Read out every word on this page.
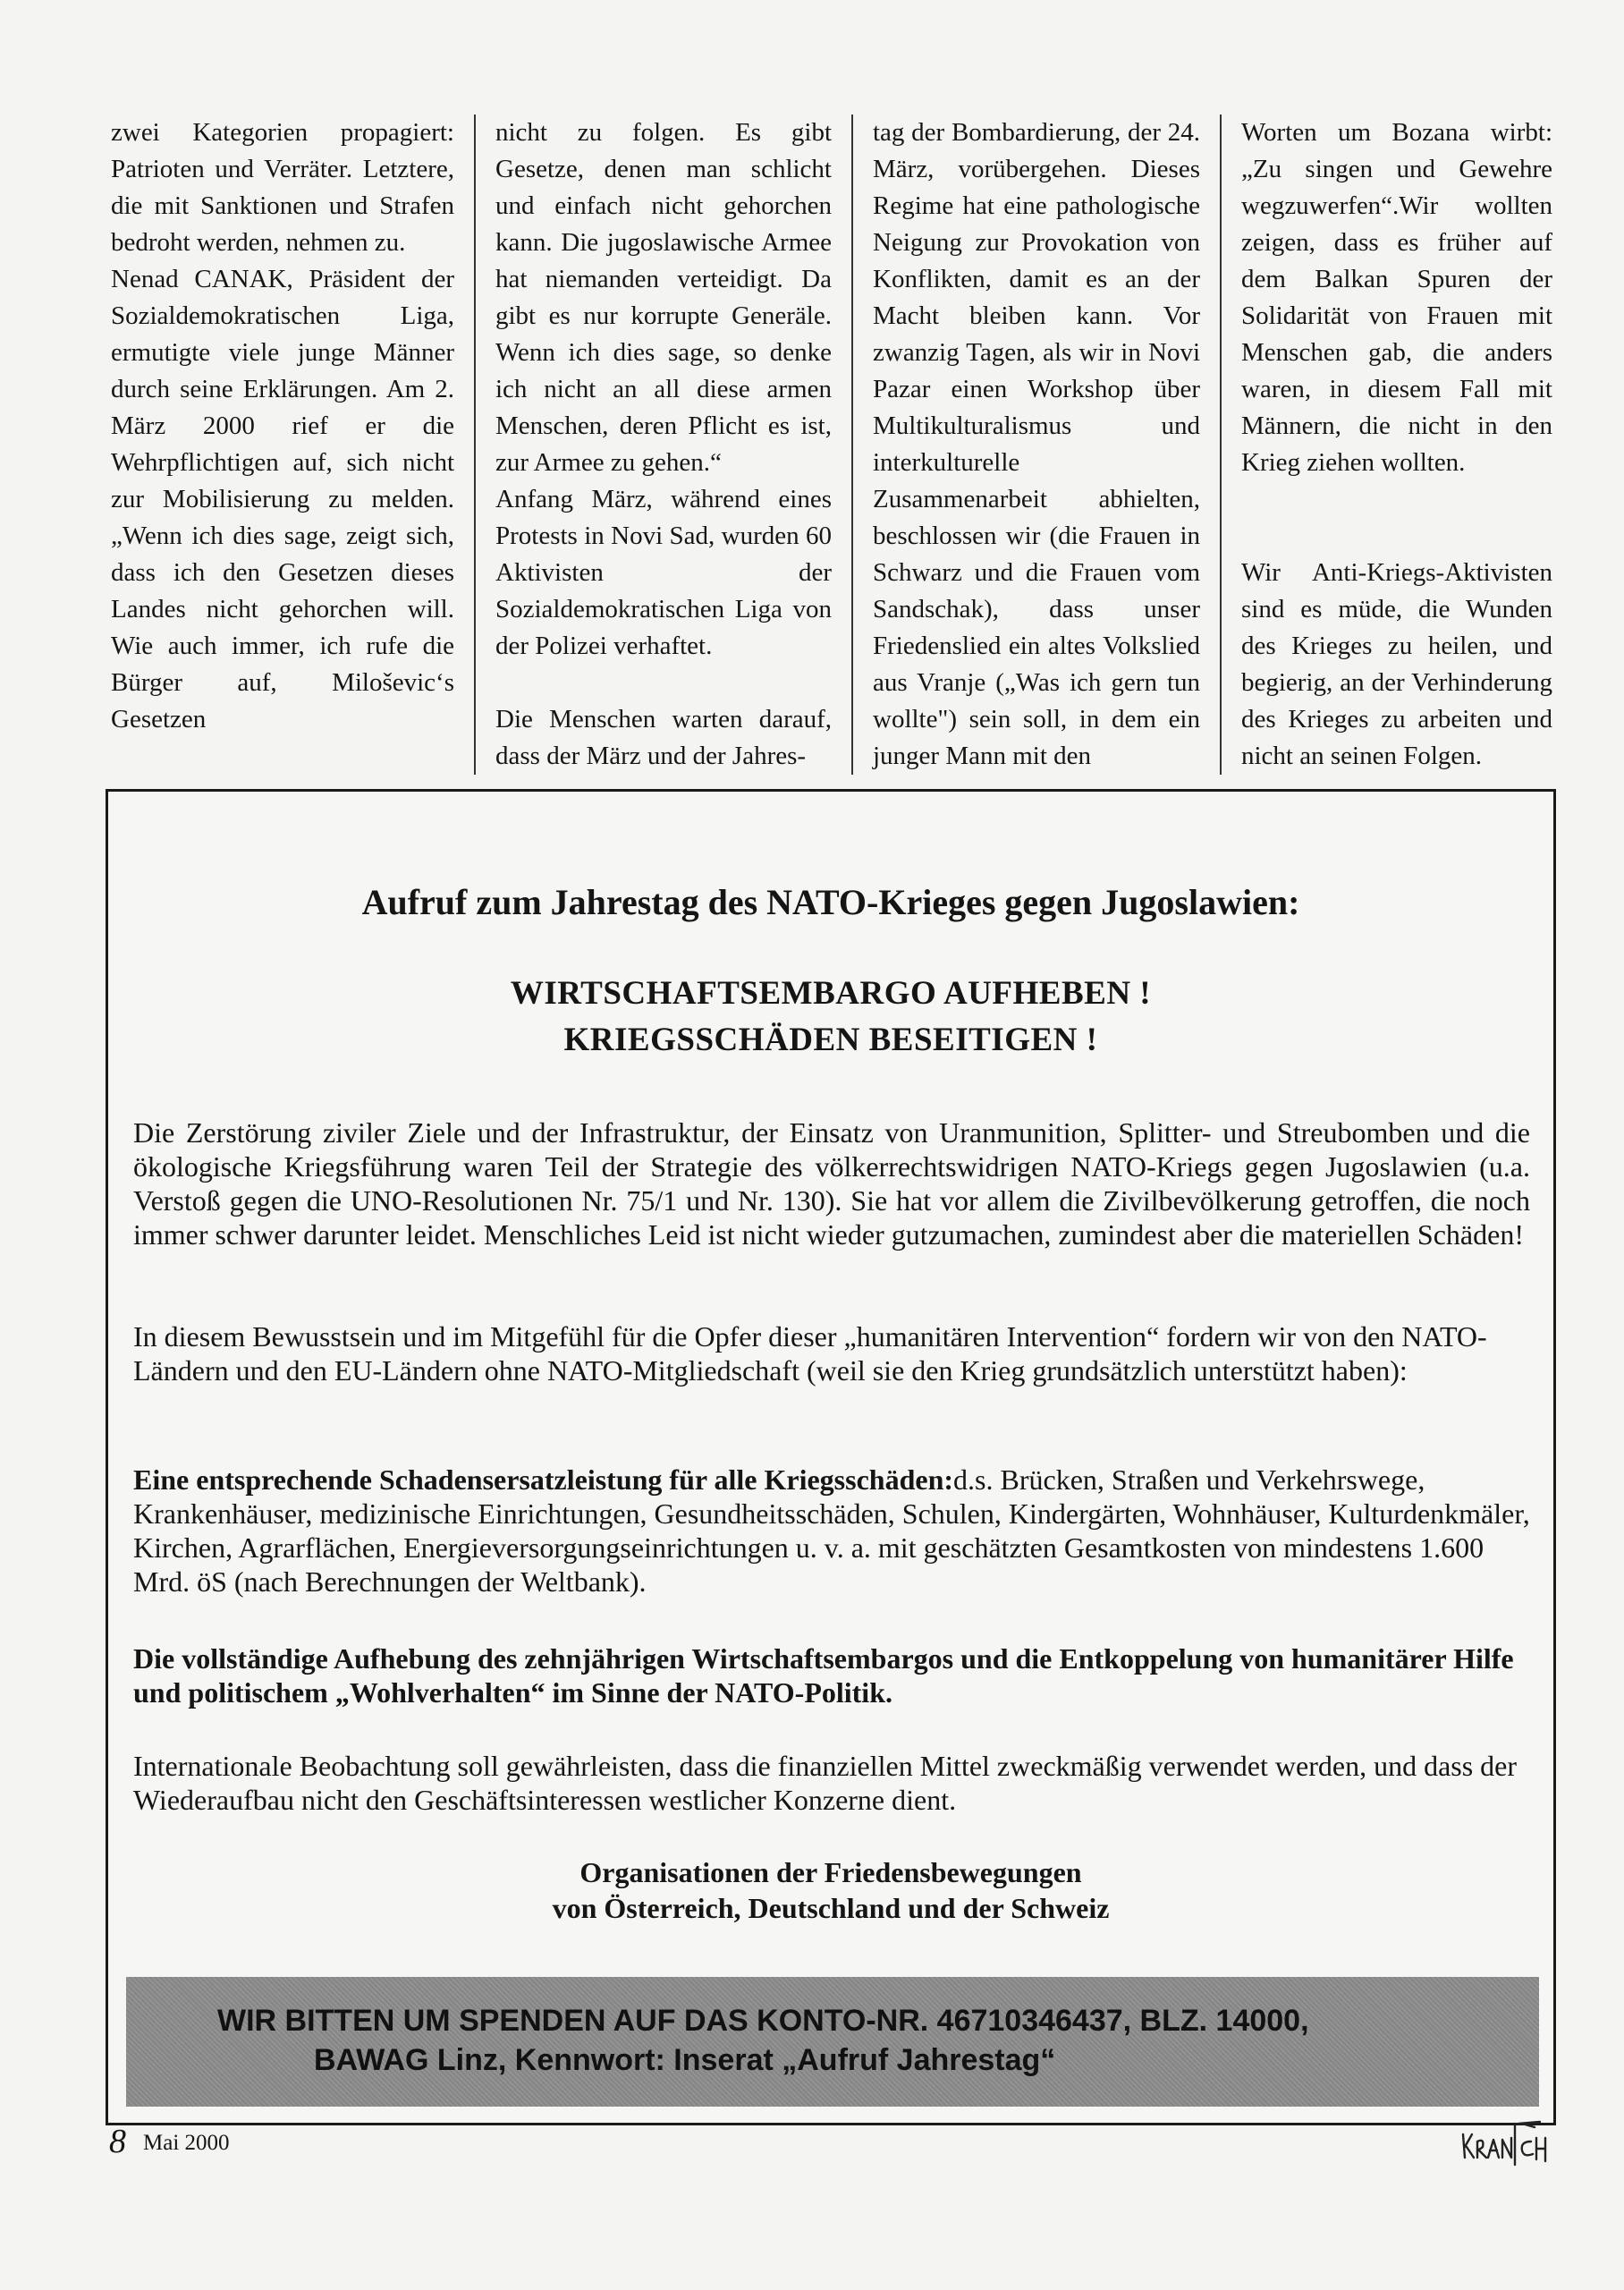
zwei Kategorien propagiert: Patrioten und Verräter. Letztere, die mit Sanktionen und Strafen bedroht werden, nehmen zu.

Nenad CANAK, Präsident der Sozialdemokratischen Liga, ermutigte viele junge Männer durch seine Erklärungen. Am 2. März 2000 rief er die Wehrpflichtigen auf, sich nicht zur Mobilisierung zu melden. „Wenn ich dies sage, zeigt sich, dass ich den Gesetzen dieses Landes nicht gehorchen will. Wie auch immer, ich rufe die Bürger auf, Miloševic‘s Gesetzen

nicht zu folgen. Es gibt Gesetze, denen man schlicht und einfach nicht gehorchen kann. Die jugoslawische Armee hat niemanden verteidigt. Da gibt es nur korrupte Generäle. Wenn ich dies sage, so denke ich nicht an all diese armen Menschen, deren Pflicht es ist, zur Armee zu gehen.“

Anfang März, während eines Protests in Novi Sad, wurden 60 Aktivisten der Sozialdemokratischen Liga von der Polizei verhaftet.

Die Menschen warten darauf, dass der März und der Jahres-

tag der Bombardierung, der 24. März, vorübergehen. Dieses Regime hat eine pathologische Neigung zur Provokation von Konflikten, damit es an der Macht bleiben kann. Vor zwanzig Tagen, als wir in Novi Pazar einen Workshop über Multikulturalismus und interkulturelle Zusammenarbeit abhielten, beschlossen wir (die Frauen in Schwarz und die Frauen vom Sandschak), dass unser Friedenslied ein altes Volkslied aus Vranje („Was ich gern tun wollte") sein soll, in dem ein junger Mann mit den

Worten um Bozana wirbt: „Zu singen und Gewehre wegzuwerfen“.Wir wollten zeigen, dass es früher auf dem Balkan Spuren der Solidarität von Frauen mit Menschen gab, die anders waren, in diesem Fall mit Männern, die nicht in den Krieg ziehen wollten.

Wir Anti-Kriegs-Aktivisten sind es müde, die Wunden des Krieges zu heilen, und begierig, an der Verhinderung des Krieges zu arbeiten und nicht an seinen Folgen.

Aufruf zum Jahrestag des NATO-Krieges gegen Jugoslawien:
WIRTSCHAFTSEMBARGO AUFHEBEN !
KRIEGSSCHÄDEN BESEITIGEN !

Die Zerstörung ziviler Ziele und der Infrastruktur, der Einsatz von Uranmunition, Splitter- und Streubomben und die ökologische Kriegsführung waren Teil der Strategie des völkerrechtswidrigen NATO-Kriegs gegen Jugoslawien (u.a. Verstoß gegen die UNO-Resolutionen Nr. 75/1 und Nr. 130). Sie hat vor allem die Zivilbevölkerung getroffen, die noch immer schwer darunter leidet. Menschliches Leid ist nicht wieder gutzumachen, zumindest aber die materiellen Schäden!

In diesem Bewusstsein und im Mitgefühl für die Opfer dieser „humanitären Intervention“ fordern wir von den NATO-Ländern und den EU-Ländern ohne NATO-Mitgliedschaft (weil sie den Krieg grundsätzlich unterstützt haben):

Eine entsprechende Schadensersatzleistung für alle Kriegsschäden:d.s. Brücken, Straßen und Verkehrswege, Krankenhäuser, medizinische Einrichtungen, Gesundheitsschäden, Schulen, Kindergärten, Wohnhäuser, Kulturdenkmäler, Kirchen, Agrarflächen, Energieversorgungseinrichtungen u. v. a. mit geschätzten Gesamtkosten von mindestens 1.600 Mrd. öS (nach Berechnungen der Weltbank).

Die vollständige Aufhebung des zehnjährigen Wirtschaftsembargos und die Entkoppelung von humanitärer Hilfe und politischem „Wohlverhalten“ im Sinne der NATO-Politik.

Internationale Beobachtung soll gewährleisten, dass die finanziellen Mittel zweckmäßig verwendet werden, und dass der Wiederaufbau nicht den Geschäftsinteressen westlicher Konzerne dient.

Organisationen der Friedensbewegungen
von Österreich, Deutschland und der Schweiz

WIR BITTEN UM SPENDEN AUF DAS KONTO-NR. 46710346437, BLZ. 14000,
BAWAG Linz, Kennwort: Inserat „Aufruf Jahrestag“
8 Mai 2000
